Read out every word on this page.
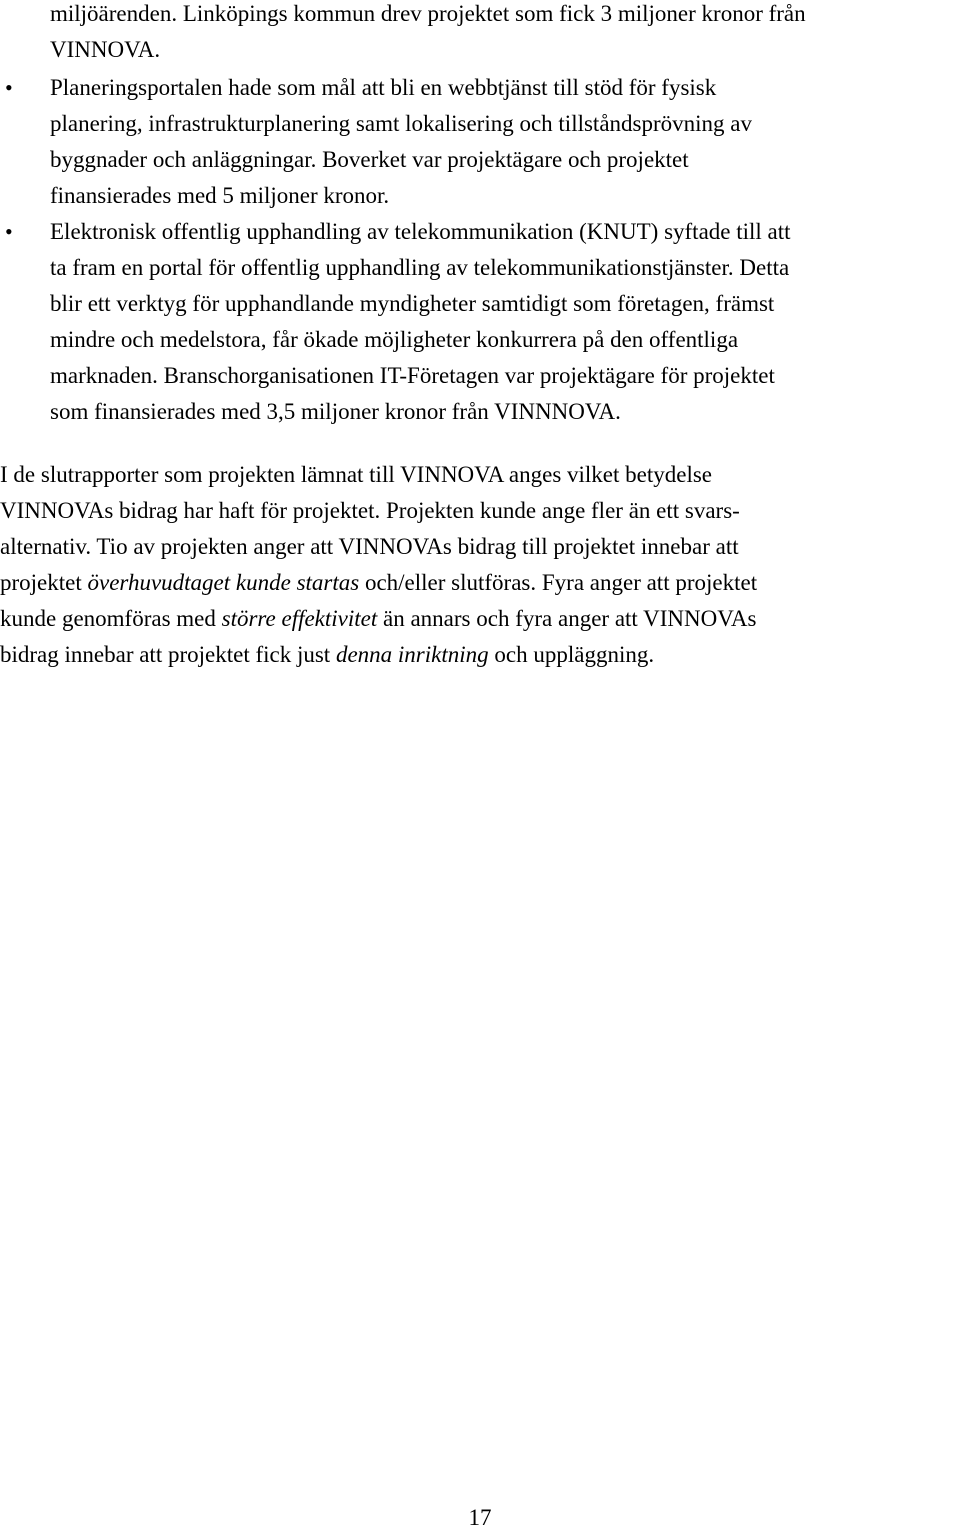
miljöärenden. Linköpings kommun drev projektet som fick 3 miljoner kronor från
VINNOVA.

• Planeringsportalen hade som mål att bli en webbtjänst till stöd för fysisk
planering, infrastrukturplanering samt lokalisering och tillståndsprövning av
byggnader och anläggningar. Boverket var projektägare och projektet
finansierades med 5 miljoner kronor.
• Elektronisk offentlig upphandling av telekommunikation (KNUT) syftade till att
ta fram en portal för offentlig upphandling av telekommunikationstjänster. Detta
blir ett verktyg för upphandlande myndigheter samtidigt som företagen, främst
mindre och medelstora, får ökade möjligheter konkurrera på den offentliga
marknaden. Branschorganisationen IT-Företagen var projektägare för projektet
som finansierades med 3,5 miljoner kronor från VINNNOVA.

I de slutrapporter som projekten lämnat till VINNOVA anges vilket betydelse
VINNOVAs bidrag har haft för projektet. Projekten kunde ange fler än ett svars-
alternativ. Tio av projekten anger att VINNOVAs bidrag till projektet innebar att
projektet överhuvudtaget kunde startas och/eller slutföras. Fyra anger att projektet
kunde genomföras med större effektivitet än annars och fyra anger att VINNOVAs
bidrag innebar att projektet fick just denna inriktning och uppläggning.

17
